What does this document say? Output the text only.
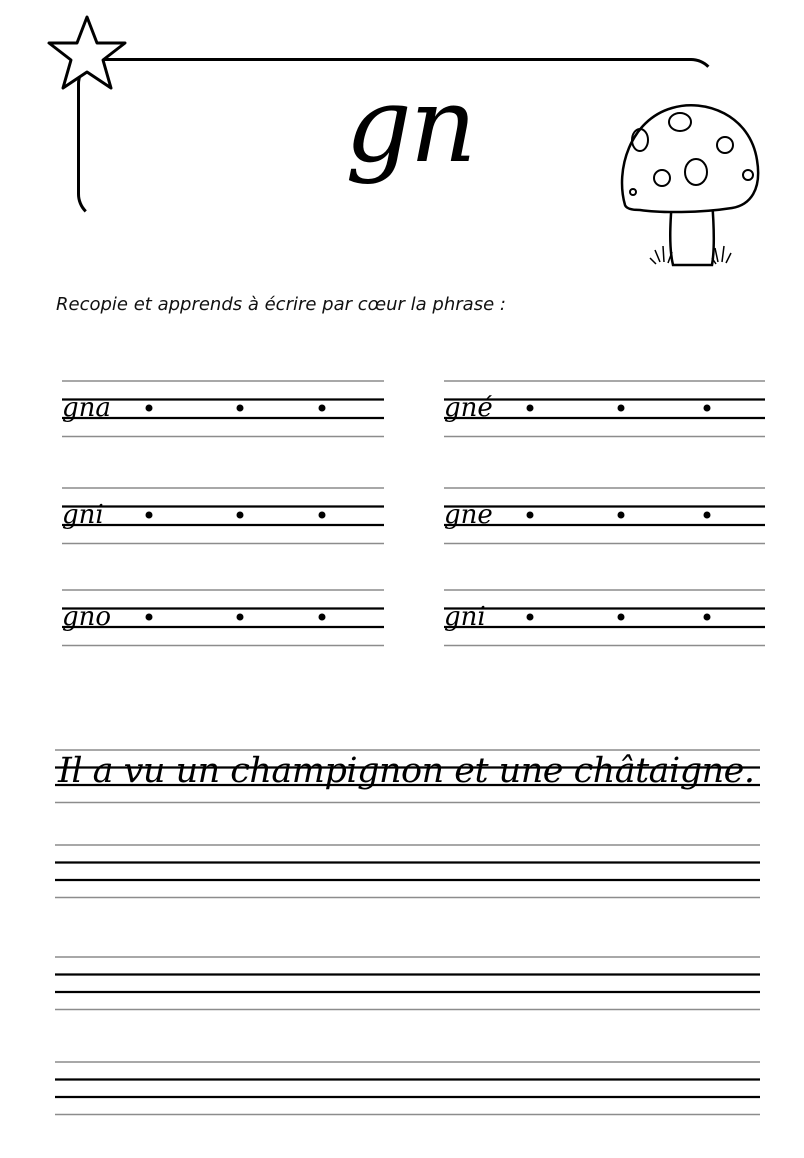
gn
Recopie et apprends à écrire par cœur la phrase :
gna	gné
gni	gne
gno	gni
Il a vu un champignon et une châtaigne.
